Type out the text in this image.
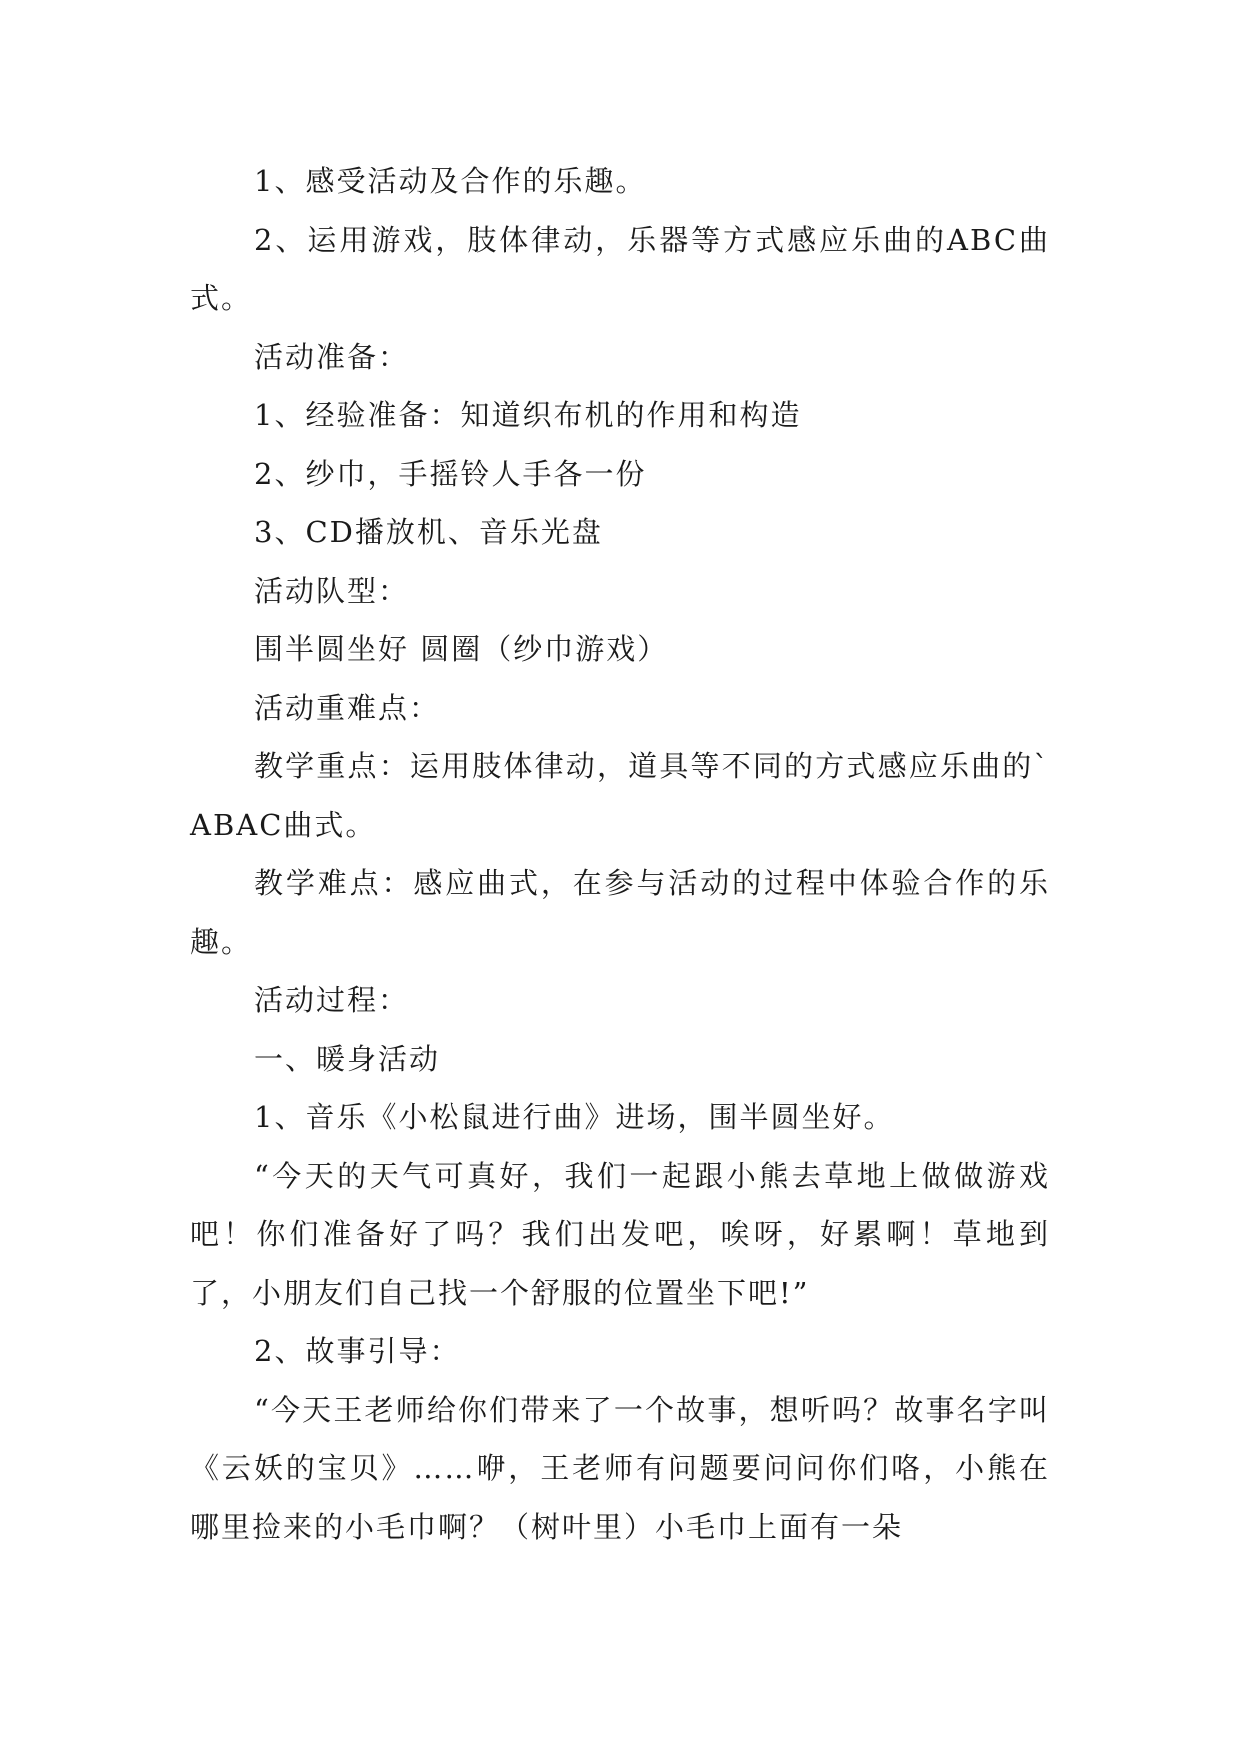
1、感受活动及合作的乐趣。

2、运用游戏，肢体律动，乐器等方式感应乐曲的ABC曲式。

活动准备：

1、经验准备：知道织布机的作用和构造

2、纱巾，手摇铃人手各一份

3、CD播放机、音乐光盘

活动队型：

围半圆坐好 圆圈（纱巾游戏）

活动重难点：

教学重点：运用肢体律动，道具等不同的方式感应乐曲的`ABAC曲式。

教学难点：感应曲式，在参与活动的过程中体验合作的乐趣。

活动过程：

一、暖身活动

1、音乐《小松鼠进行曲》进场，围半圆坐好。

“今天的天气可真好，我们一起跟小熊去草地上做做游戏吧！你们准备好了吗？我们出发吧，唉呀，好累啊！草地到了，小朋友们自己找一个舒服的位置坐下吧!”

2、故事引导：

“今天王老师给你们带来了一个故事，想听吗？故事名字叫《云妖的宝贝》……咿，王老师有问题要问问你们咯，小熊在哪里捡来的小毛巾啊？（树叶里）小毛巾上面有一朵
